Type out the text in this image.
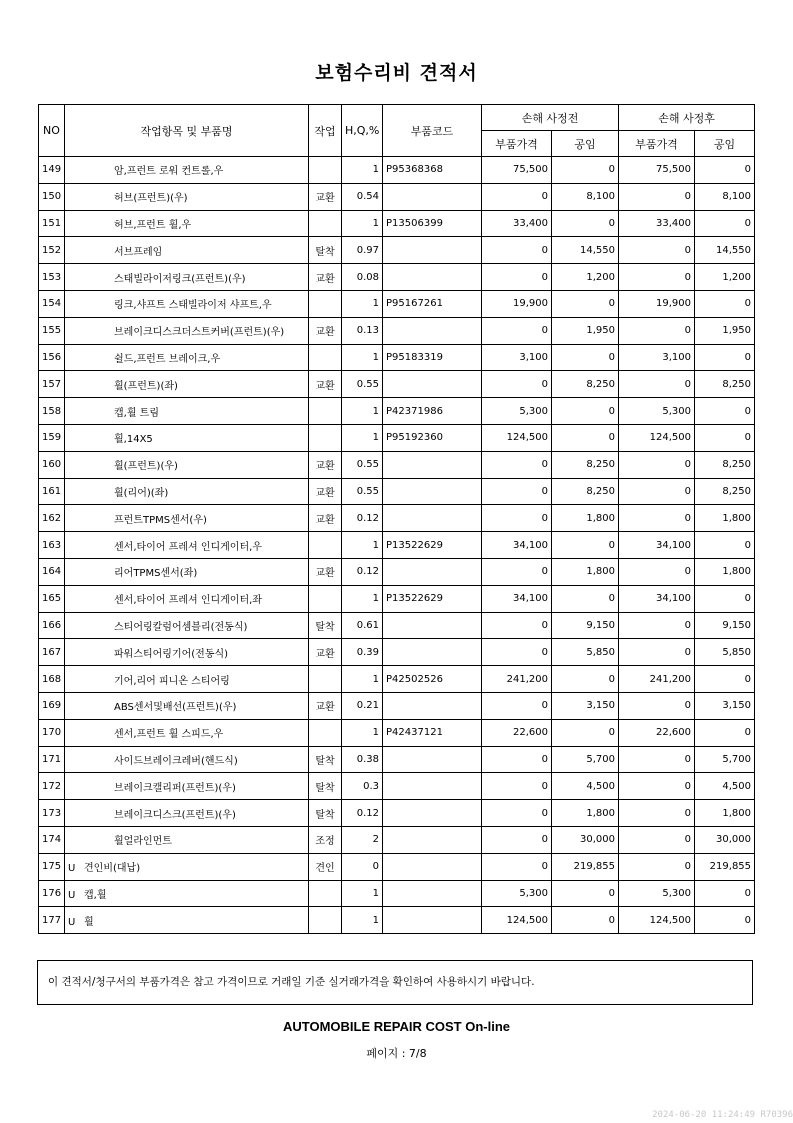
보험수리비 견적서
NO	작업항목 및 부품명	작업	H,Q,%	부품코드	손해 사정전		손해 사정후	
					부품가격	공임	부품가격	공임
149	암,프런트 로워 컨트롤,우		1	P95368368	75,500	0	75,500	0
150	허브(프런트)(우)	교환	0.54		0	8,100	0	8,100
151	허브,프런트 휠,우		1	P13506399	33,400	0	33,400	0
152	서브프레임	탈착	0.97		0	14,550	0	14,550
153	스태빌라이저링크(프런트)(우)	교환	0.08		0	1,200	0	1,200
154	링크,샤프트 스태빌라이저 샤프트,우		1	P95167261	19,900	0	19,900	0
155	브레이크디스크더스트커버(프런트)(우)	교환	0.13		0	1,950	0	1,950
156	쉴드,프런트 브레이크,우		1	P95183319	3,100	0	3,100	0
157	휠(프런트)(좌)	교환	0.55		0	8,250	0	8,250
158	캡,휠 트림		1	P42371986	5,300	0	5,300	0
159	휠,14X5		1	P95192360	124,500	0	124,500	0
160	휠(프런트)(우)	교환	0.55		0	8,250	0	8,250
161	휠(리어)(좌)	교환	0.55		0	8,250	0	8,250
162	프런트TPMS센서(우)	교환	0.12		0	1,800	0	1,800
163	센서,타이어 프레셔 인디게이터,우		1	P13522629	34,100	0	34,100	0
164	리어TPMS센서(좌)	교환	0.12		0	1,800	0	1,800
165	센서,타이어 프레셔 인디게이터,좌		1	P13522629	34,100	0	34,100	0
166	스티어링칼럼어셈블리(전동식)	탈착	0.61		0	9,150	0	9,150
167	파워스티어링기어(전동식)	교환	0.39		0	5,850	0	5,850
168	기어,리어 피니온 스티어링		1	P42502526	241,200	0	241,200	0
169	ABS센서및배선(프런트)(우)	교환	0.21		0	3,150	0	3,150
170	센서,프런트 휠 스피드,우		1	P42437121	22,600	0	22,600	0
171	사이드브레이크레버(핸드식)	탈착	0.38		0	5,700	0	5,700
172	브레이크캘리퍼(프런트)(우)	탈착	0.3		0	4,500	0	4,500
173	브레이크디스크(프런트)(우)	탈착	0.12		0	1,800	0	1,800
174	휠얼라인먼트	조정	2		0	30,000	0	30,000
175	U 견인비(대납)	견인	0		0	219,855	0	219,855
176	U 캡,휠		1		5,300	0	5,300	0
177	U 휠		1		124,500	0	124,500	0
이 견적서/청구서의 부품가격은 참고 가격이므로 거래일 기준 실거래가격을 확인하여 사용하시기 바랍니다.
AUTOMOBILE REPAIR COST On-line
페이지 : 7/8
2024-06-20 11:24:49 R70396
